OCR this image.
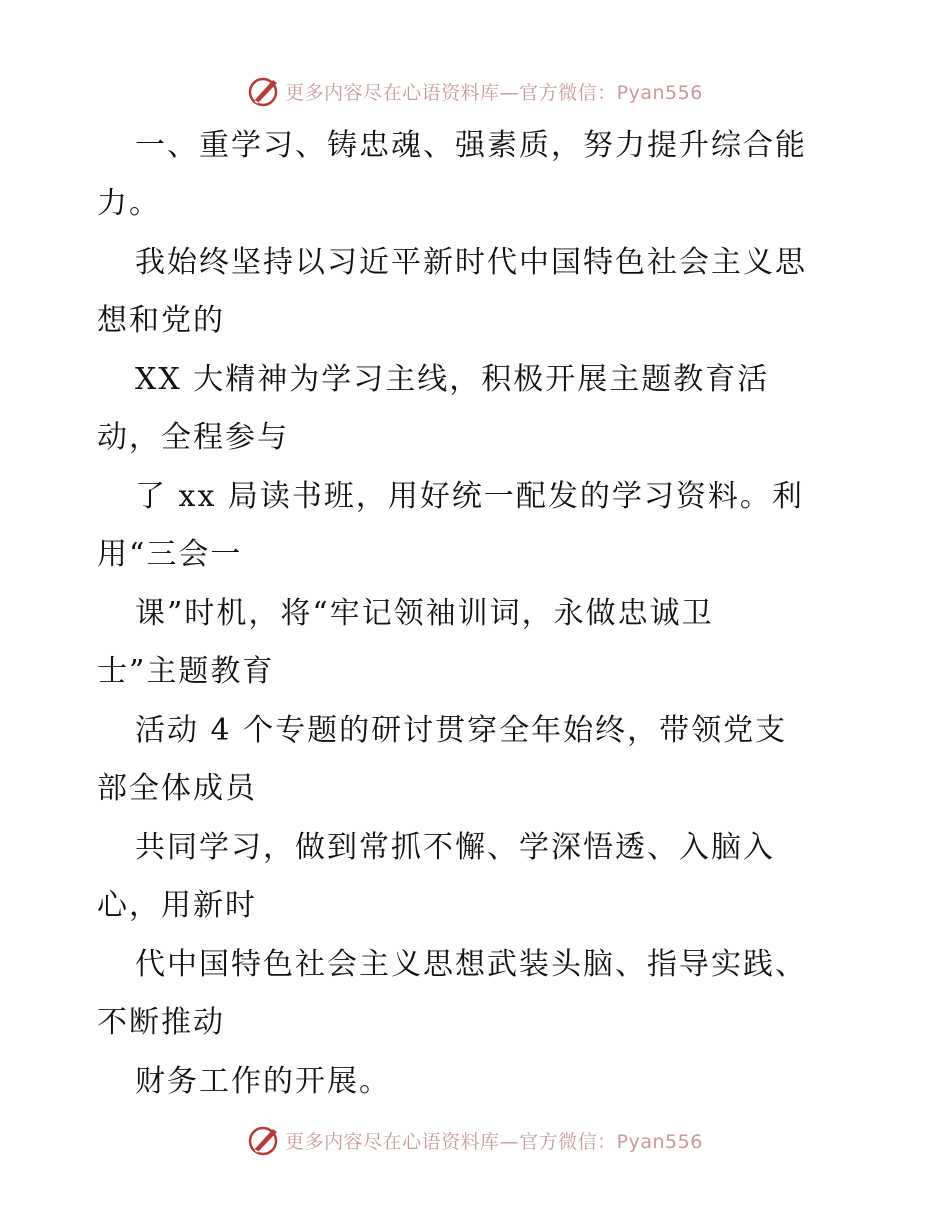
更多内容尽在心语资料库—官方微信：Pyan556
一、重学习、铸忠魂、强素质，努力提升综合能
力。
我始终坚持以习近平新时代中国特色社会主义思
想和党的
XX 大精神为学习主线，积极开展主题教育活
动，全程参与
了 xx 局读书班，用好统一配发的学习资料。利
用“三会一
课”时机，将“牢记领袖训词，永做忠诚卫
士”主题教育
活动 4 个专题的研讨贯穿全年始终，带领党支
部全体成员
共同学习，做到常抓不懈、学深悟透、入脑入
心，用新时
代中国特色社会主义思想武装头脑、指导实践、
不断推动
财务工作的开展。
更多内容尽在心语资料库—官方微信：Pyan556
